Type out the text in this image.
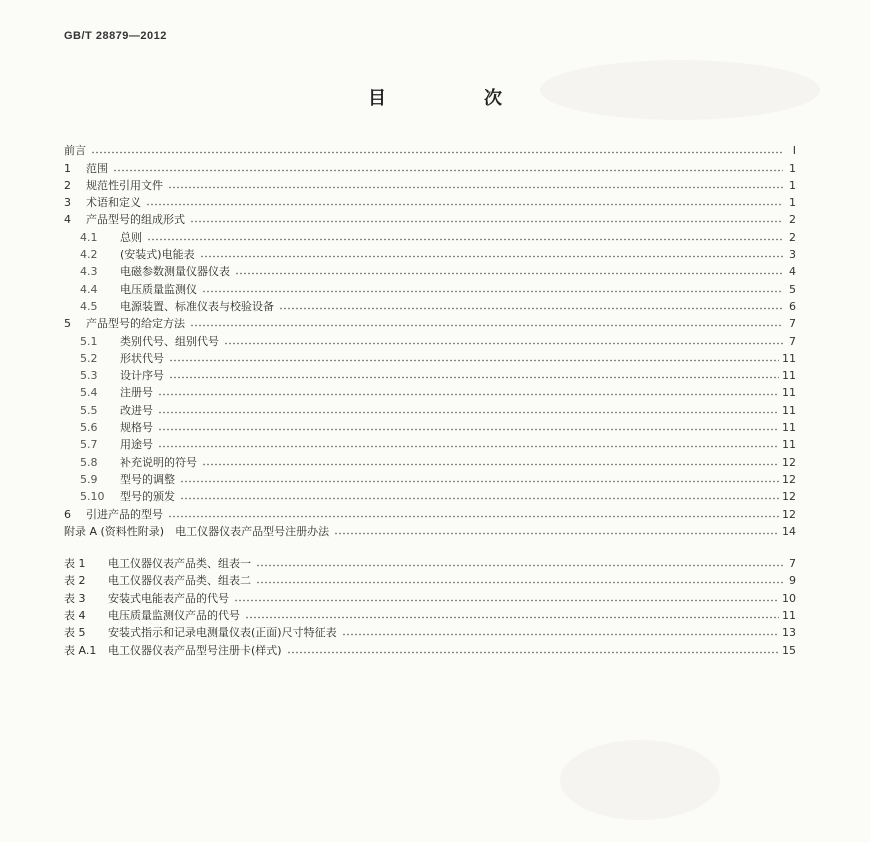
GB/T 28879—2012
目　次
前言	Ⅰ
1 范围	1
2 规范性引用文件	1
3 术语和定义	1
4 产品型号的组成形式	2
4.1 总则	2
4.2 (安装式)电能表	3
4.3 电磁参数测量仪器仪表	4
4.4 电压质量监测仪	5
4.5 电源装置、标准仪表与校验设备	6
5 产品型号的给定方法	7
5.1 类别代号、组别代号	7
5.2 形状代号	11
5.3 设计序号	11
5.4 注册号	11
5.5 改进号	11
5.6 规格号	11
5.7 用途号	11
5.8 补充说明的符号	12
5.9 型号的调整	12
5.10 型号的颁发	12
6 引进产品的型号	12
附录 A (资料性附录)　电工仪器仪表产品型号注册办法	14
表 1 电工仪器仪表产品类、组表一	7
表 2 电工仪器仪表产品类、组表二	9
表 3 安装式电能表产品的代号	10
表 4 电压质量监测仪产品的代号	11
表 5 安装式指示和记录电测量仪表(正面)尺寸特征表	13
表 A.1 电工仪器仪表产品型号注册卡(样式)	15
